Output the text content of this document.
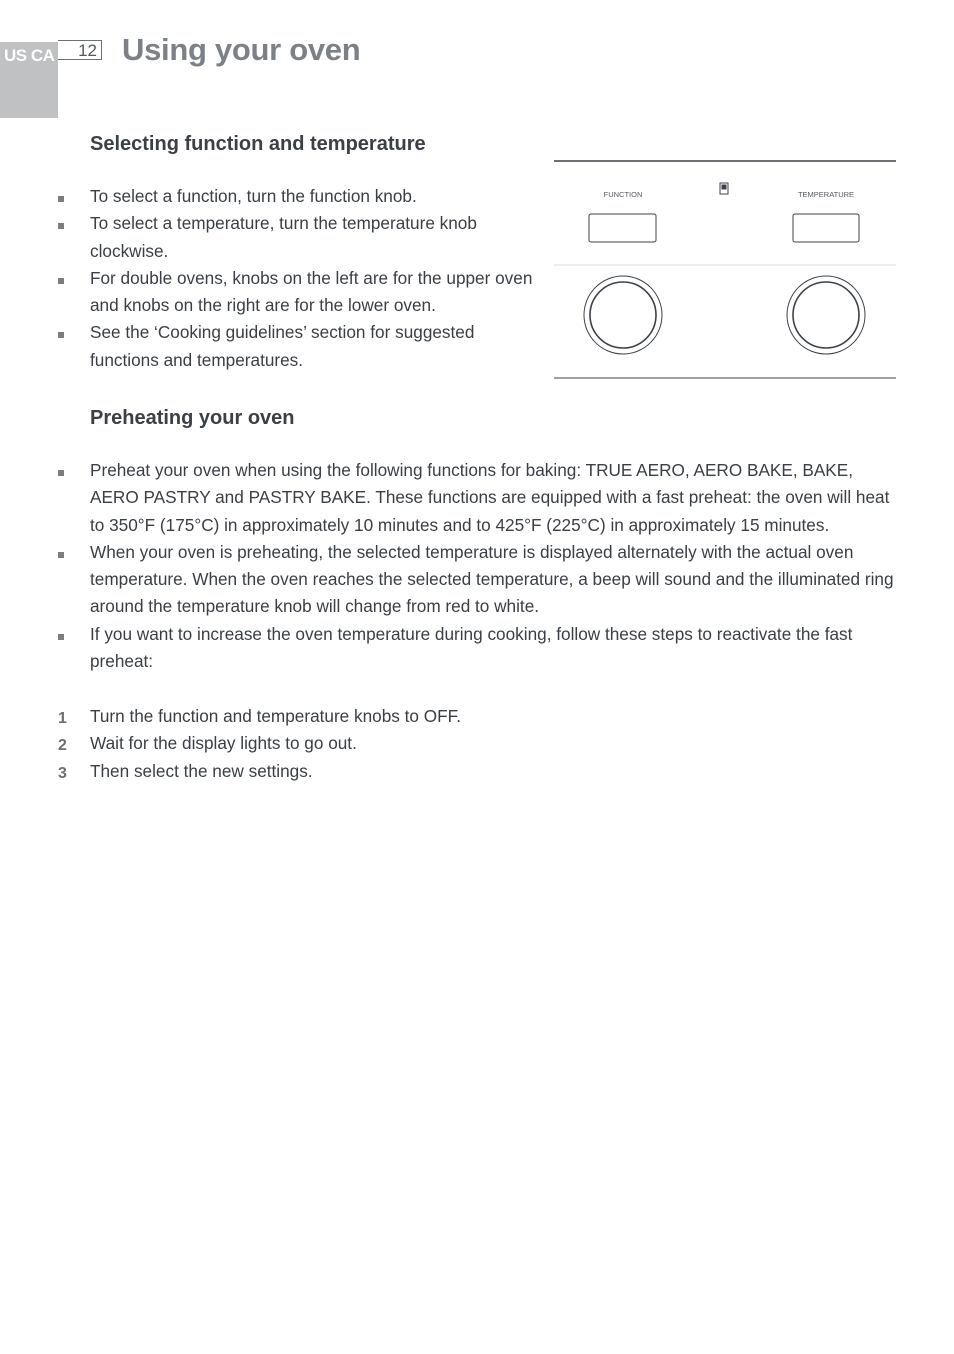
US CA	12 Using your oven
Selecting function and temperature
To select a function, turn the function knob.
To select a temperature, turn the temperature knob clockwise.
For double ovens, knobs on the left are for the upper oven and knobs on the right are for the lower oven.
See the ‘Cooking guidelines’ section for suggested functions and temperatures.
FUNCTION	TEMPERATURE
Preheating your oven
Preheat your oven when using the following functions for baking: TRUE AERO, AERO BAKE, BAKE, AERO PASTRY and PASTRY BAKE. These functions are equipped with a fast preheat: the oven will heat to 350°F (175°C) in approximately 10 minutes and to 425°F (225°C) in approximately 15 minutes.
When your oven is preheating, the selected temperature is displayed alternately with the actual oven temperature. When the oven reaches the selected temperature, a beep will sound and the illuminated ring around the temperature knob will change from red to white.
If you want to increase the oven temperature during cooking, follow these steps to reactivate the fast preheat:
1 Turn the function and temperature knobs to OFF.
2 Wait for the display lights to go out.
3 Then select the new settings.
